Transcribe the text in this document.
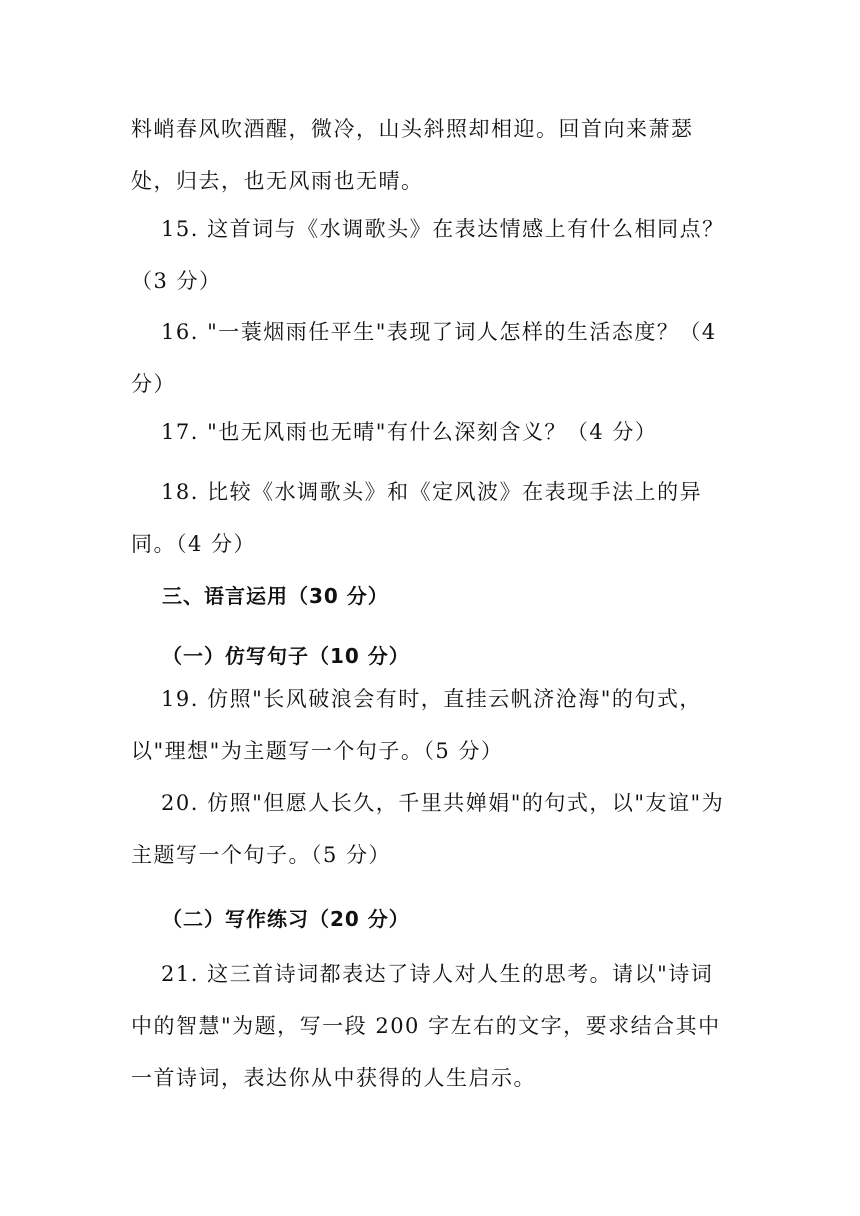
料峭春风吹酒醒，微冷，山头斜照却相迎。回首向来萧瑟处，归去，也无风雨也无晴。

15. 这首词与《水调歌头》在表达情感上有什么相同点？（3 分）

16. "一蓑烟雨任平生"表现了词人怎样的生活态度？（4 分）

17. "也无风雨也无晴"有什么深刻含义？（4 分）

18. 比较《水调歌头》和《定风波》在表现手法上的异同。（4 分）

三、语言运用（30 分）
（一）仿写句子（10 分）

19. 仿照"长风破浪会有时，直挂云帆济沧海"的句式，以"理想"为主题写一个句子。（5 分）

20. 仿照"但愿人长久，千里共婵娟"的句式，以"友谊"为主题写一个句子。（5 分）

（二）写作练习（20 分）

21. 这三首诗词都表达了诗人对人生的思考。请以"诗词中的智慧"为题，写一段 200 字左右的文字，要求结合其中一首诗词，表达你从中获得的人生启示。
